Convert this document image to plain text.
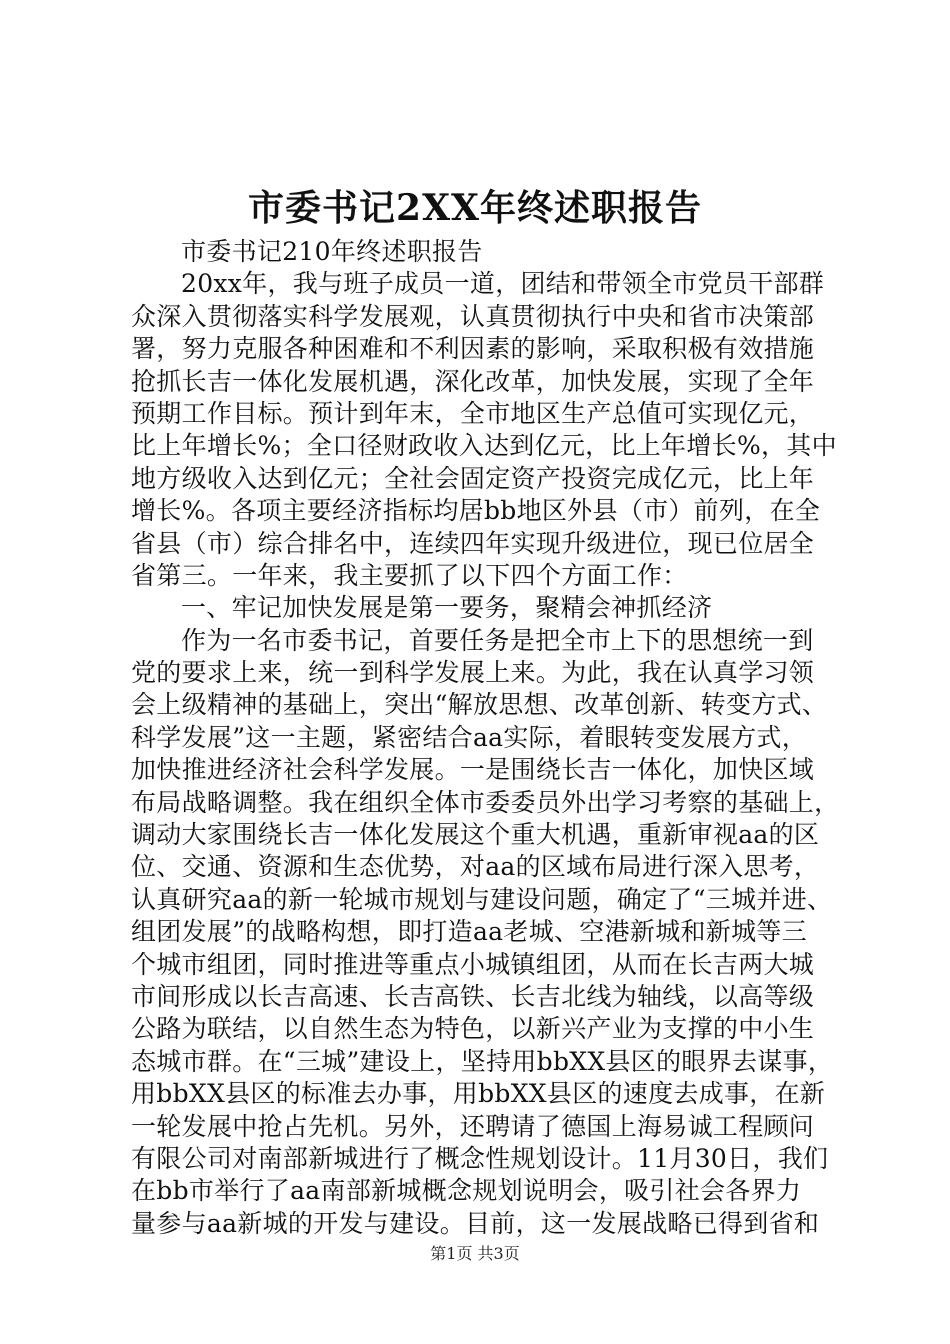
市委书记2XX年终述职报告
市委书记210年终述职报告
20xx年，我与班子成员一道，团结和带领全市党员干部群
众深入贯彻落实科学发展观，认真贯彻执行中央和省市决策部
署，努力克服各种困难和不利因素的影响，采取积极有效措施
抢抓长吉一体化发展机遇，深化改革，加快发展，实现了全年
预期工作目标。预计到年末，全市地区生产总值可实现亿元，
比上年增长%；全口径财政收入达到亿元，比上年增长%，其中
地方级收入达到亿元；全社会固定资产投资完成亿元，比上年
增长%。各项主要经济指标均居bb地区外县（市）前列，在全
省县（市）综合排名中，连续四年实现升级进位，现已位居全
省第三。一年来，我主要抓了以下四个方面工作：
一、牢记加快发展是第一要务，聚精会神抓经济
作为一名市委书记，首要任务是把全市上下的思想统一到
党的要求上来，统一到科学发展上来。为此，我在认真学习领
会上级精神的基础上，突出“解放思想、改革创新、转变方式、
科学发展”这一主题，紧密结合aa实际，着眼转变发展方式，
加快推进经济社会科学发展。一是围绕长吉一体化，加快区域
布局战略调整。我在组织全体市委委员外出学习考察的基础上，
调动大家围绕长吉一体化发展这个重大机遇，重新审视aa的区
位、交通、资源和生态优势，对aa的区域布局进行深入思考，
认真研究aa的新一轮城市规划与建设问题，确定了“三城并进、
组团发展”的战略构想，即打造aa老城、空港新城和新城等三
个城市组团，同时推进等重点小城镇组团，从而在长吉两大城
市间形成以长吉高速、长吉高铁、长吉北线为轴线，以高等级
公路为联结，以自然生态为特色，以新兴产业为支撑的中小生
态城市群。在“三城”建设上，坚持用bbXX县区的眼界去谋事，
用bbXX县区的标准去办事，用bbXX县区的速度去成事，在新
一轮发展中抢占先机。另外，还聘请了德国上海易诚工程顾问
有限公司对南部新城进行了概念性规划设计。11月30日，我们
在bb市举行了aa南部新城概念规划说明会，吸引社会各界力
量参与aa新城的开发与建设。目前，这一发展战略已得到省和
第1页 共3页
